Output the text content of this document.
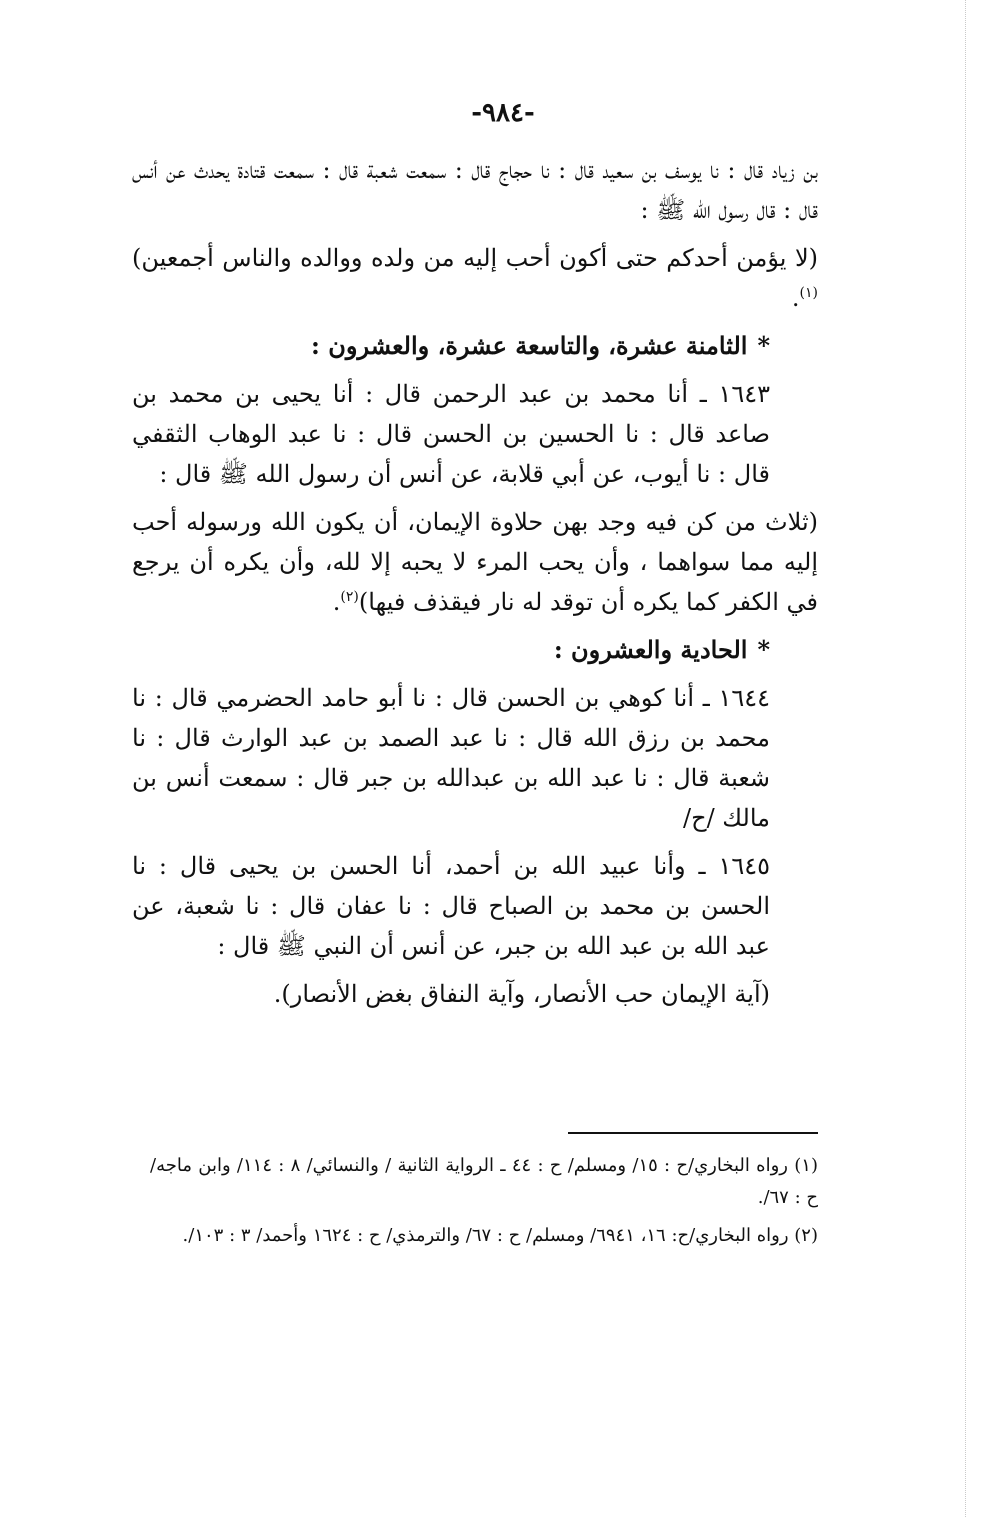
-٩٨٤-

بن زياد قال : نا يوسف بن سعيد قال : نا حجاج قال : سمعت شعبة قال : سمعت قتادة يحدث عن أنس قال : قال رسول الله ﷺ :

(لا يؤمن أحدكم حتى أكون أحب إليه من ولده ووالده والناس أجمعين)$^{(١)}$.

*الثامنة عشرة، والتاسعة عشرة، والعشرون :

١٦٤٣ ـ أنا محمد بن عبد الرحمن قال : أنا يحيى بن محمد بن صاعد قال : نا الحسين بن الحسن قال : نا عبد الوهاب الثقفي قال : نا أيوب، عن أبي قلابة، عن أنس أن رسول الله ﷺ قال :

(ثلاث من كن فيه وجد بهن حلاوة الإيمان، أن يكون الله ورسوله أحب إليه مما سواهما ، وأن يحب المرء لا يحبه إلا لله، وأن يكره أن يرجع في الكفر كما يكره أن توقد له نار فيقذف فيها)$^{(٢)}$.

*الحادية والعشرون :

١٦٤٤ ـ أنا كوهي بن الحسن قال : نا أبو حامد الحضرمي قال : نا محمد بن رزق الله قال : نا عبد الصمد بن عبد الوارث قال : نا شعبة قال : نا عبد الله بن عبدالله بن جبر قال : سمعت أنس بن مالك /ح/

١٦٤٥ ـ وأنا عبيد الله بن أحمد، أنا الحسن بن يحيى قال : نا الحسن بن محمد بن الصباح قال : نا عفان قال : نا شعبة، عن عبد الله بن عبد الله بن جبر، عن أنس أن النبي ﷺ قال :

(آية الإيمان حب الأنصار، وآية النفاق بغض الأنصار).

(١) رواه البخاري/ح : ١٥/ ومسلم/ ح : ٤٤ ـ الرواية الثانية / والنسائي/ ٨ : ١١٤/ وابن ماجه/ح : ٦٧/.

(٢) رواه البخاري/ح: ١٦، ٦٩٤١/ ومسلم/ ح : ٦٧/ والترمذي/ ح : ١٦٢٤ وأحمد/ ٣ : ١٠٣/.
